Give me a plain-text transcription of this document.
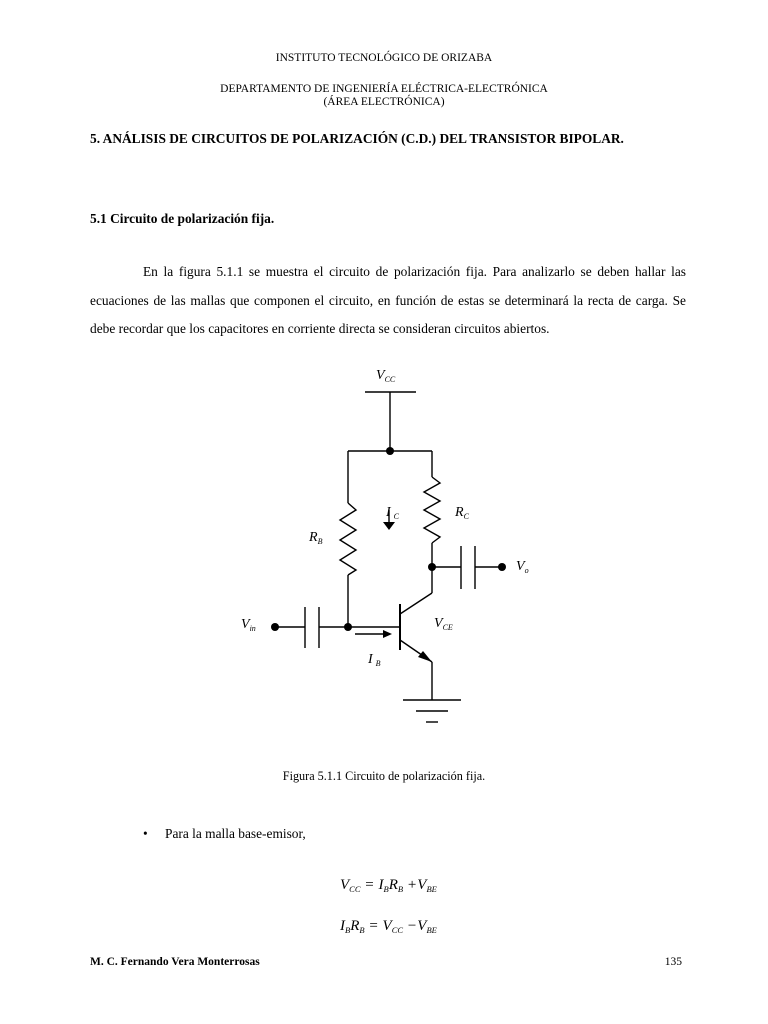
INSTITUTO TECNOLÓGICO DE ORIZABA
DEPARTAMENTO DE INGENIERÍA ELÉCTRICA-ELECTRÓNICA
(ÁREA ELECTRÓNICA)
5. ANÁLISIS DE CIRCUITOS DE POLARIZACIÓN (C.D.) DEL TRANSISTOR BIPOLAR.
5.1 Circuito de polarización fija.

En la figura 5.1.1 se muestra el circuito de polarización fija. Para analizarlo se deben hallar las ecuaciones de las mallas que componen el circuito, en función de estas se determinará la recta de carga. Se debe recordar que los capacitores en corriente directa se consideran circuitos abiertos.

$V_{CC}$
$R_B$
$R_C$
I $_C$
I $_B$
$V_{in}$
$V_o$
$V_{CE}$
Figura 5.1.1 Circuito de polarización fija.
• Para la malla base-emisor,
$V_{CC} = I_BR_B +V_{BE}$
$I_BR_B = V_{CC} -V_{BE}$
M. C. Fernando Vera Monterrosas	135
